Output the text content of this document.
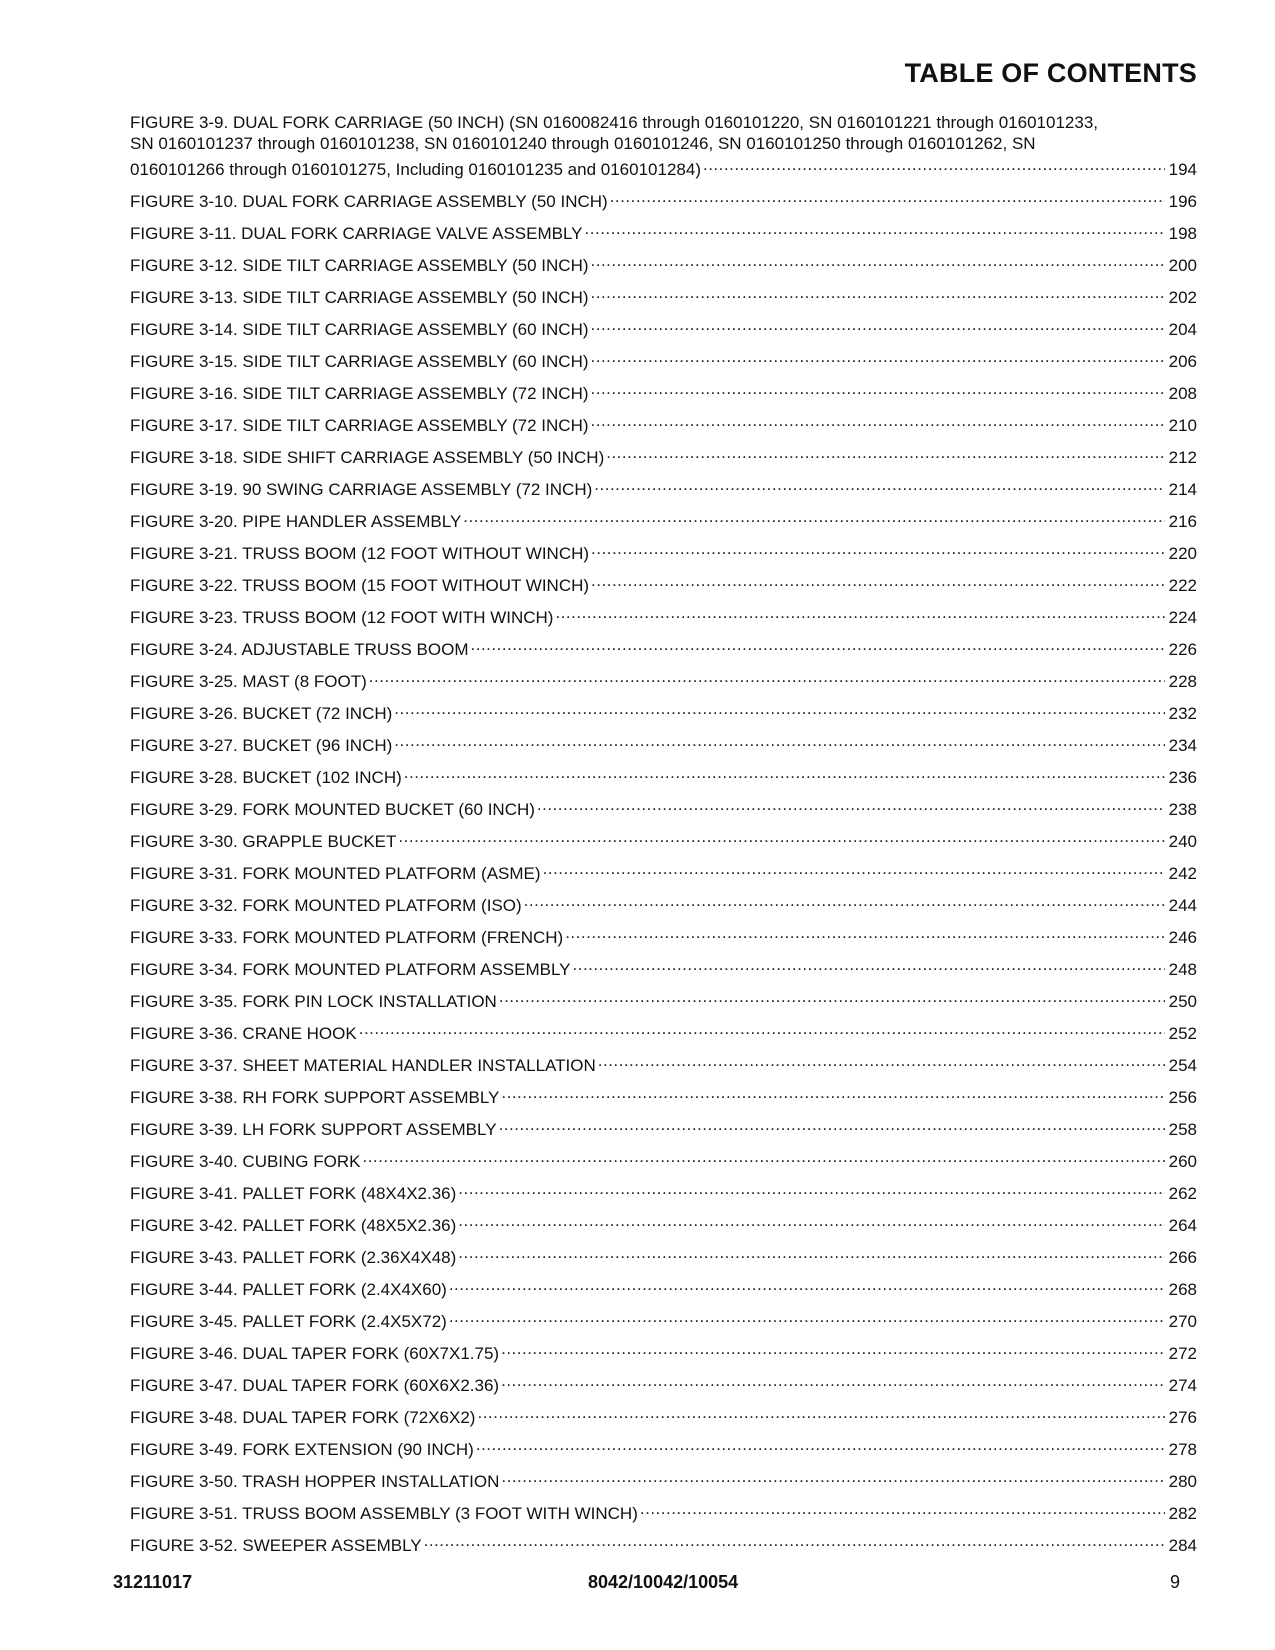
TABLE OF CONTENTS
FIGURE 3-9. DUAL FORK CARRIAGE (50 INCH) (SN 0160082416 through 0160101220, SN 0160101221 through 0160101233,
SN 0160101237 through 0160101238, SN 0160101240 through 0160101246, SN 0160101250 through 0160101262, SN
0160101266 through 0160101275, Including 0160101235 and 0160101284) .....	194
FIGURE 3-10. DUAL FORK CARRIAGE ASSEMBLY (50 INCH) .....	196
FIGURE 3-11. DUAL FORK CARRIAGE VALVE ASSEMBLY .....	198
FIGURE 3-12. SIDE TILT CARRIAGE ASSEMBLY (50 INCH) .....	200
FIGURE 3-13. SIDE TILT CARRIAGE ASSEMBLY (50 INCH) .....	202
FIGURE 3-14. SIDE TILT CARRIAGE ASSEMBLY (60 INCH) .....	204
FIGURE 3-15. SIDE TILT CARRIAGE ASSEMBLY (60 INCH) .....	206
FIGURE 3-16. SIDE TILT CARRIAGE ASSEMBLY (72 INCH) .....	208
FIGURE 3-17. SIDE TILT CARRIAGE ASSEMBLY (72 INCH) .....	210
FIGURE 3-18. SIDE SHIFT CARRIAGE ASSEMBLY (50 INCH) .....	212
FIGURE 3-19. 90 SWING CARRIAGE ASSEMBLY (72 INCH) .....	214
FIGURE 3-20. PIPE HANDLER ASSEMBLY .....	216
FIGURE 3-21. TRUSS BOOM (12 FOOT WITHOUT WINCH) .....	220
FIGURE 3-22. TRUSS BOOM (15 FOOT WITHOUT WINCH) .....	222
FIGURE 3-23. TRUSS BOOM (12 FOOT WITH WINCH) .....	224
FIGURE 3-24. ADJUSTABLE TRUSS BOOM .....	226
FIGURE 3-25. MAST (8 FOOT) .....	228
FIGURE 3-26. BUCKET (72 INCH) .....	232
FIGURE 3-27. BUCKET (96 INCH) .....	234
FIGURE 3-28. BUCKET (102 INCH) .....	236
FIGURE 3-29. FORK MOUNTED BUCKET (60 INCH) .....	238
FIGURE 3-30. GRAPPLE BUCKET .....	240
FIGURE 3-31. FORK MOUNTED PLATFORM (ASME) .....	242
FIGURE 3-32. FORK MOUNTED PLATFORM (ISO) .....	244
FIGURE 3-33. FORK MOUNTED PLATFORM (FRENCH) .....	246
FIGURE 3-34. FORK MOUNTED PLATFORM ASSEMBLY .....	248
FIGURE 3-35. FORK PIN LOCK INSTALLATION .....	250
FIGURE 3-36. CRANE HOOK .....	252
FIGURE 3-37. SHEET MATERIAL HANDLER INSTALLATION .....	254
FIGURE 3-38. RH FORK SUPPORT ASSEMBLY .....	256
FIGURE 3-39. LH FORK SUPPORT ASSEMBLY .....	258
FIGURE 3-40. CUBING FORK .....	260
FIGURE 3-41. PALLET FORK (48X4X2.36) .....	262
FIGURE 3-42. PALLET FORK (48X5X2.36) .....	264
FIGURE 3-43. PALLET FORK (2.36X4X48) .....	266
FIGURE 3-44. PALLET FORK (2.4X4X60) .....	268
FIGURE 3-45. PALLET FORK (2.4X5X72) .....	270
FIGURE 3-46. DUAL TAPER FORK (60X7X1.75) .....	272
FIGURE 3-47. DUAL TAPER FORK (60X6X2.36) .....	274
FIGURE 3-48. DUAL TAPER FORK (72X6X2) .....	276
FIGURE 3-49. FORK EXTENSION (90 INCH) .....	278
FIGURE 3-50. TRASH HOPPER INSTALLATION .....	280
FIGURE 3-51. TRUSS BOOM ASSEMBLY (3 FOOT WITH WINCH) .....	282
FIGURE 3-52. SWEEPER ASSEMBLY .....	284
31211017	8042/10042/10054	9
